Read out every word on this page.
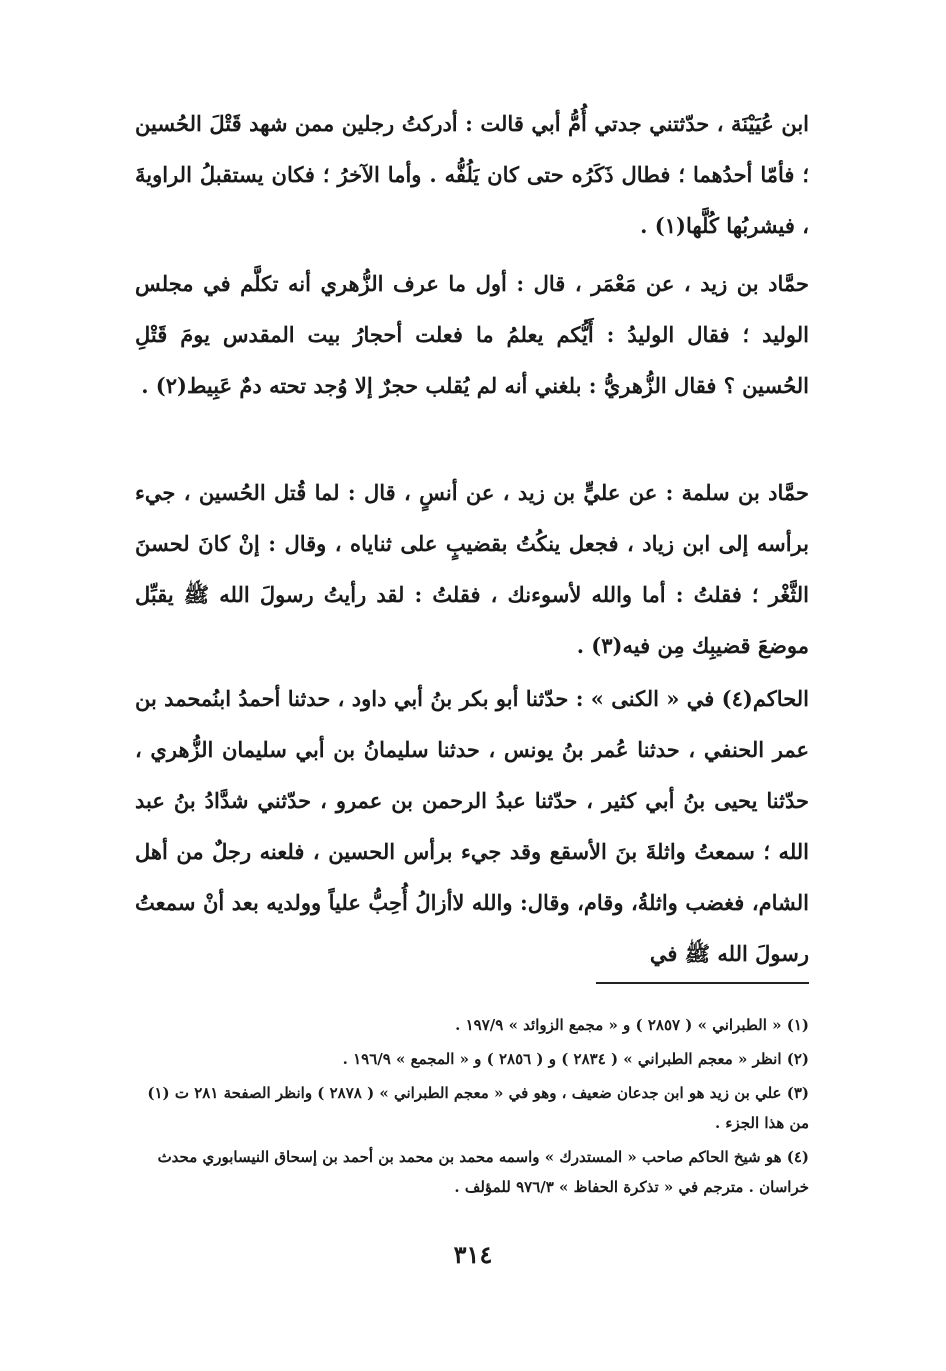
ابن عُيَيْنَة ، حدّثتني جدتي أُمُّ أبي قالت : أدركتُ رجلين ممن شهد قَتْلَ الحُسين ؛ فأمّا أحدُهما ؛ فطال ذَكَرُه حتى كان يَلُفُّه . وأما الآخرُ ؛ فكان يستقبلُ الراويةَ ، فيشربُها كُلَّها(١) .

حمَّاد بن زيد ، عن مَعْمَر ، قال : أول ما عرف الزُّهري أنه تكلَّم في مجلس الوليد ؛ فقال الوليدُ : أَيُّكم يعلمُ ما فعلت أحجارُ بيت المقدس يومَ قَتْلِ الحُسين ؟ فقال الزُّهريُّ : بلغني أنه لم يُقلب حجرٌ إلا وُجد تحته دمٌ عَبِيط(٢) .

حمَّاد بن سلمة : عن عليٍّ بن زيد ، عن أنسٍ ، قال : لما قُتل الحُسين ، جيء برأسه إلى ابن زياد ، فجعل ينكُتُ بقضيبٍ على ثناياه ، وقال : إنْ كانَ لحسنَ الثَّغْر ؛ فقلتُ : أما والله لأسوءنك ، فقلتُ : لقد رأيتُ رسولَ الله ﷺ يقبِّل موضعَ قضيبِك مِن فيه(٣) .

الحاكم(٤) في « الكنى » : حدّثنا أبو بكر بنُ أبي داود ، حدثنا أحمدُ ابنُمحمد بن عمر الحنفي ، حدثنا عُمر بنُ يونس ، حدثنا سليمانُ بن أبي سليمان الزُّهري ، حدّثنا يحيى بنُ أبي كثير ، حدّثنا عبدُ الرحمن بن عمرو ، حدّثني شدَّادُ بنُ عبد الله ؛ سمعتُ واثلةَ بنَ الأسقع وقد جيء برأس الحسين ، فلعنه رجلٌ من أهل الشام، فغضب واثلةُ، وقام، وقال: والله لاأزالُ أُحِبُّ علياً وولديه بعد أنْ سمعتُ رسولَ الله ﷺ في

(١) « الطبراني » ( ٢٨٥٧ ) و « مجمع الزوائد » ١٩٧/٩ .

(٢) انظر « معجم الطبراني » ( ٢٨٣٤ ) و ( ٢٨٥٦ ) و « المجمع » ١٩٦/٩ .

(٣) علي بن زيد هو ابن جدعان ضعيف ، وهو في « معجم الطبراني » ( ٢٨٧٨ ) وانظر الصفحة ٢٨١ ت (١) من هذا الجزء .

(٤) هو شيخ الحاكم صاحب « المستدرك » واسمه محمد بن محمد بن أحمد بن إسحاق النيسابوري محدث خراسان . مترجم في « تذكرة الحفاظ » ٩٧٦/٣ للمؤلف .

٣١٤
